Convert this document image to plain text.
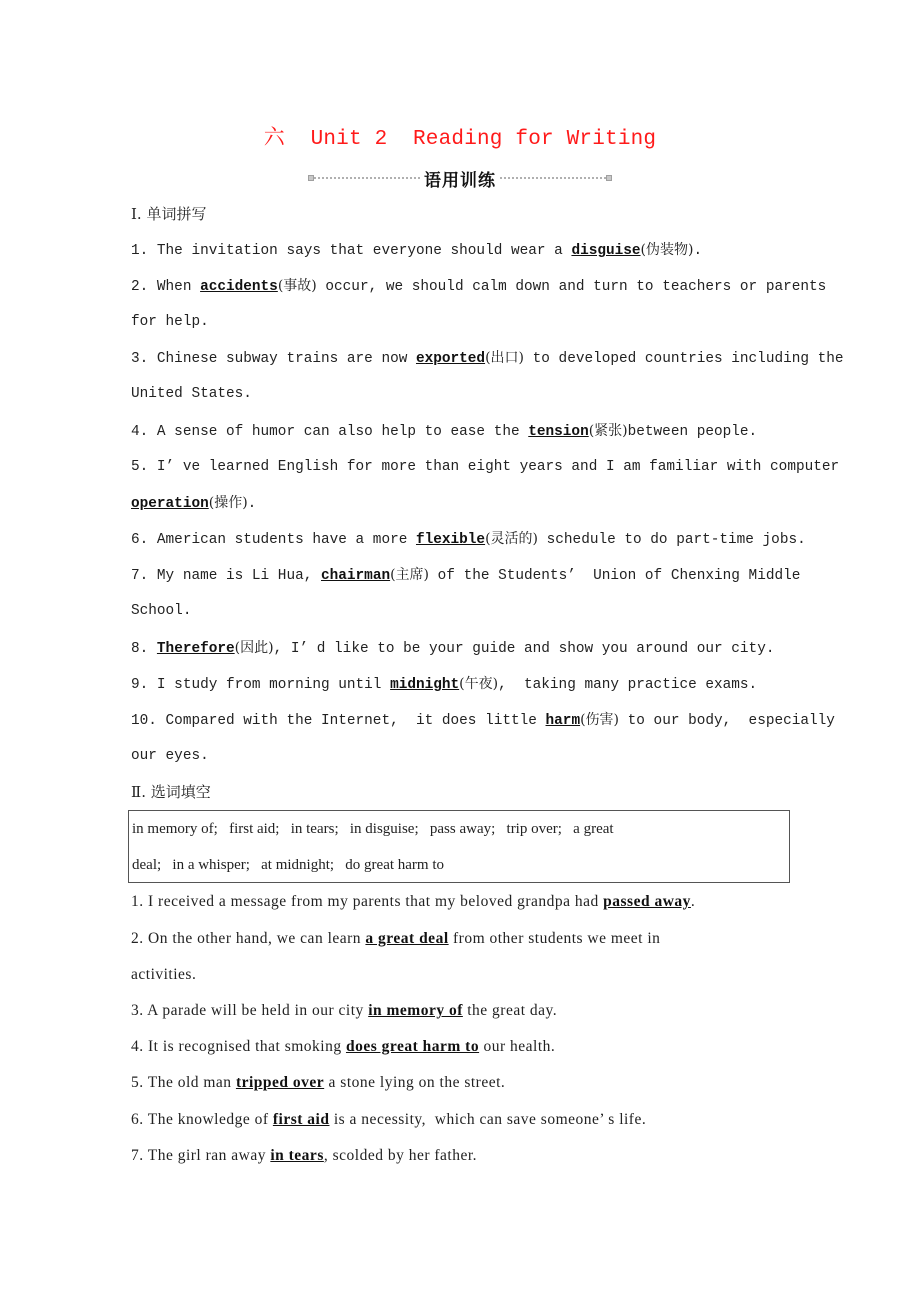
六  Unit 2  Reading for Writing
语用训练
Ⅰ. 单词拼写
1. The invitation says that everyone should wear a disguise(伪装物).
2. When accidents(事故) occur, we should calm down and turn to teachers or parents
for help.
3. Chinese subway trains are now exported(出口) to developed countries including the
United States.
4. A sense of humor can also help to ease the tension(紧张)between people.
5. I’ ve learned English for more than eight years and I am familiar with computer
operation(操作).
6. American students have a more flexible(灵活的) schedule to do part-time jobs.
7. My name is Li Hua, chairman(主席) of the Students’  Union of Chenxing Middle
School.
8. Therefore(因此), I’ d like to be your guide and show you around our city.
9. I study from morning until midnight(午夜),  taking many practice exams.
10. Compared with the Internet,  it does little harm(伤害) to our body,  especially
our eyes.
Ⅱ. 选词填空
in memory of;   first aid;   in tears;   in disguise;   pass away;   trip over;   a great
deal;   in a whisper;   at midnight;   do great harm to
1. I received a message from my parents that my beloved grandpa had passed away.
2. On the other hand, we can learn a great deal from other students we meet in
activities.
3. A parade will be held in our city in memory of the great day.
4. It is recognised that smoking does great harm to our health.
5. The old man tripped over a stone lying on the street.
6. The knowledge of first aid is a necessity,  which can save someone’ s life.
7. The girl ran away in tears, scolded by her father.
